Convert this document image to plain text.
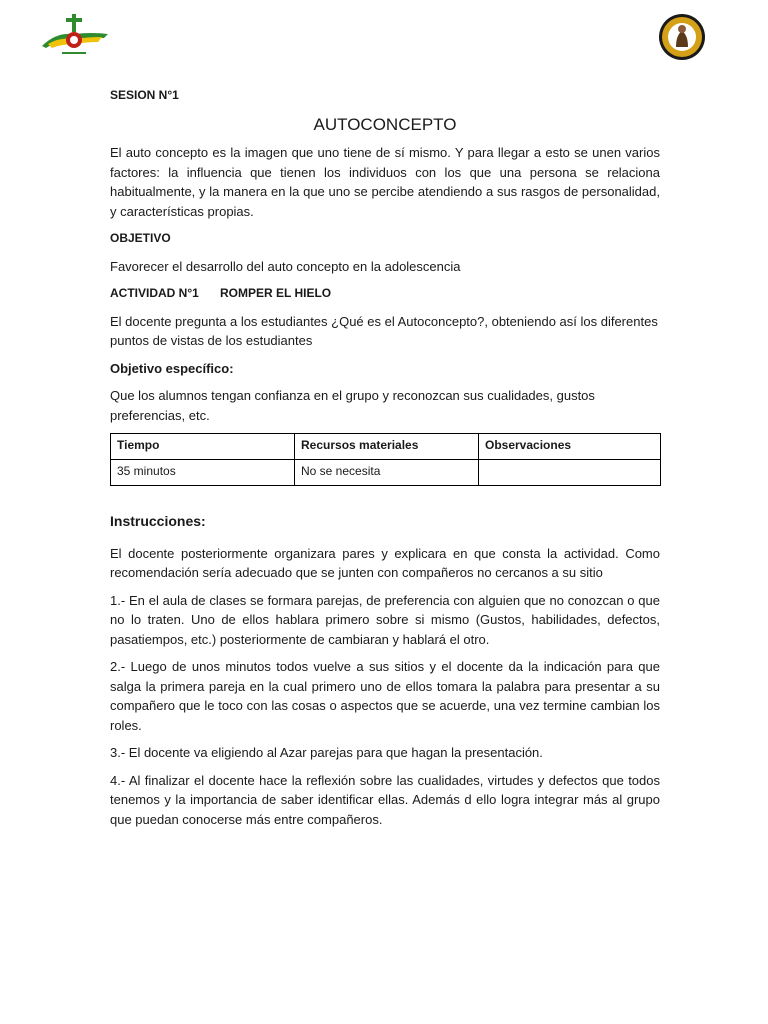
SESION N°1

AUTOCONCEPTO

El auto concepto es la imagen que uno tiene de sí mismo. Y para llegar a esto se unen varios factores: la influencia que tienen los individuos con los que una persona se relaciona habitualmente, y la manera en la que uno se percibe atendiendo a sus rasgos de personalidad, y características propias.

OBJETIVO

Favorecer el desarrollo del auto concepto en la adolescencia

ACTIVIDAD N°1 ROMPER EL HIELO

El docente pregunta a los estudiantes ¿Qué es el Autoconcepto?, obteniendo así los diferentes puntos de vistas de los estudiantes

Objetivo específico:

Que los alumnos tengan confianza en el grupo y reconozcan sus cualidades, gustos preferencias, etc.

Tiempo	Recursos materiales	Observaciones
35 minutos	No se necesita	

Instrucciones:

El docente posteriormente organizara pares y explicara en que consta la actividad. Como recomendación sería adecuado que se junten con compañeros no cercanos a su sitio

1.- En el aula de clases se formara parejas, de preferencia con alguien que no conozcan o que no lo traten. Uno de ellos hablara primero sobre si mismo (Gustos, habilidades, defectos, pasatiempos, etc.) posteriormente de cambiaran y hablará el otro.

2.- Luego de unos minutos todos vuelve a sus sitios y el docente da la indicación para que salga la primera pareja en la cual primero uno de ellos tomara la palabra para presentar a su compañero que le toco con las cosas o aspectos que se acuerde, una vez termine cambian los roles.

3.- El docente va eligiendo al Azar parejas para que hagan la presentación.

4.- Al finalizar el docente hace la reflexión sobre las cualidades, virtudes y defectos que todos tenemos y la importancia de saber identificar ellas. Además d ello logra integrar más al grupo que puedan conocerse más entre compañeros.
